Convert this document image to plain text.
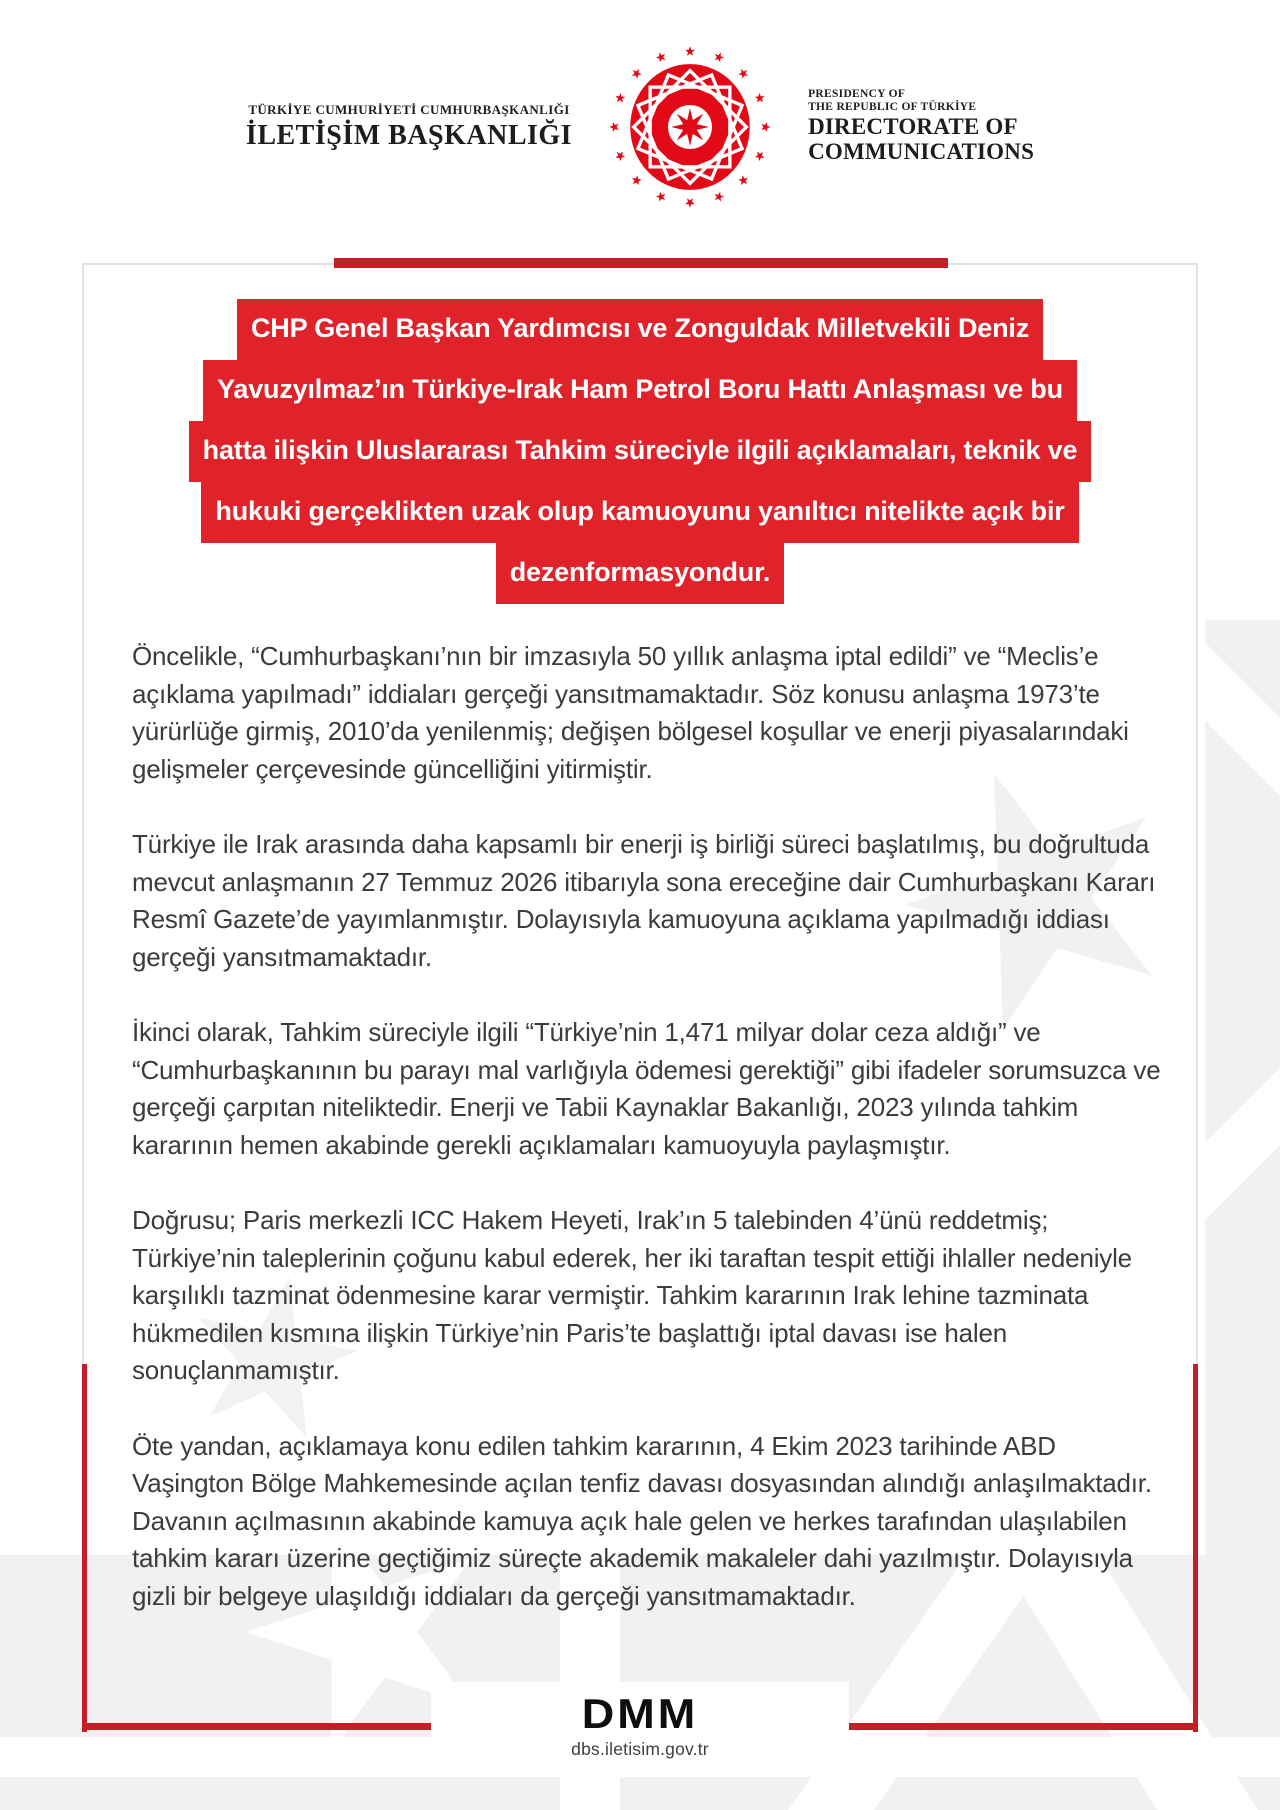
TÜRKİYE CUMHURİYETİ CUMHURBAŞKANLIĞI
İLETİŞİM BAŞKANLIĞI
PRESIDENCY OF
THE REPUBLIC OF TÜRKİYE
DIRECTORATE OF
COMMUNICATIONS
CHP Genel Başkan Yardımcısı ve Zonguldak Milletvekili Deniz
Yavuzyılmaz’ın Türkiye-Irak Ham Petrol Boru Hattı Anlaşması ve bu
hatta ilişkin Uluslararası Tahkim süreciyle ilgili açıklamaları, teknik ve
hukuki gerçeklikten uzak olup kamuoyunu yanıltıcı nitelikte açık bir
dezenformasyondur.

Öncelikle, “Cumhurbaşkanı’nın bir imzasıyla 50 yıllık anlaşma iptal edildi” ve “Meclis’e açıklama yapılmadı” iddiaları gerçeği yansıtmamaktadır. Söz konusu anlaşma 1973’te yürürlüğe girmiş, 2010’da yenilenmiş; değişen bölgesel koşullar ve enerji piyasalarındaki gelişmeler çerçevesinde güncelliğini yitirmiştir.

Türkiye ile Irak arasında daha kapsamlı bir enerji iş birliği süreci başlatılmış, bu doğrultuda mevcut anlaşmanın 27 Temmuz 2026 itibarıyla sona ereceğine dair Cumhurbaşkanı Kararı Resmî Gazete’de yayımlanmıştır. Dolayısıyla kamuoyuna açıklama yapılmadığı iddiası gerçeği yansıtmamaktadır.

İkinci olarak, Tahkim süreciyle ilgili “Türkiye’nin 1,471 milyar dolar ceza aldığı” ve “Cumhurbaşkanının bu parayı mal varlığıyla ödemesi gerektiği” gibi ifadeler sorumsuzca ve gerçeği çarpıtan niteliktedir. Enerji ve Tabii Kaynaklar Bakanlığı, 2023 yılında tahkim kararının hemen akabinde gerekli açıklamaları kamuoyuyla paylaşmıştır.

Doğrusu; Paris merkezli ICC Hakem Heyeti, Irak’ın 5 talebinden 4’ünü reddetmiş; Türkiye’nin taleplerinin çoğunu kabul ederek, her iki taraftan tespit ettiği ihlaller nedeniyle karşılıklı tazminat ödenmesine karar vermiştir. Tahkim kararının Irak lehine tazminata hükmedilen kısmına ilişkin Türkiye’nin Paris’te başlattığı iptal davası ise halen sonuçlanmamıştır.

Öte yandan, açıklamaya konu edilen tahkim kararının, 4 Ekim 2023 tarihinde ABD Vaşington Bölge Mahkemesinde açılan tenfiz davası dosyasından alındığı anlaşılmaktadır. Davanın açılmasının akabinde kamuya açık hale gelen ve herkes tarafından ulaşılabilen tahkim kararı üzerine geçtiğimiz süreçte akademik makaleler dahi yazılmıştır. Dolayısıyla gizli bir belgeye ulaşıldığı iddiaları da gerçeği yansıtmamaktadır.

DMM
dbs.iletisim.gov.tr
